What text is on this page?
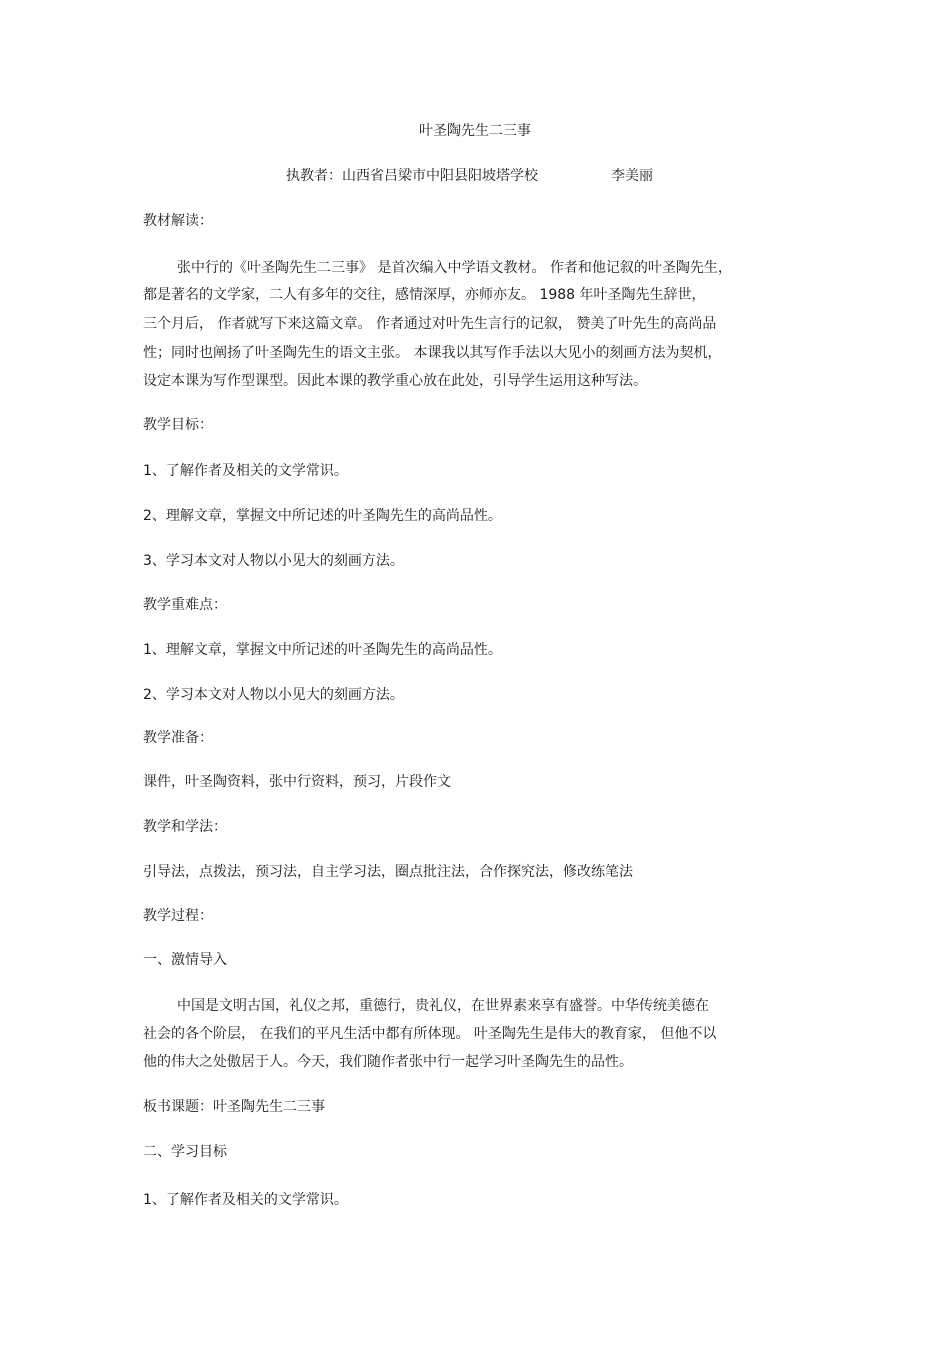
叶圣陶先生二三事
执教者：山西省吕梁市中阳县阳坡塔学校	李美丽
教材解读：
张中行的《叶圣陶先生二三事》 是首次编入中学语文教材。 作者和他记叙的叶圣陶先生，
都是著名的文学家，二人有多年的交往，感情深厚，亦师亦友。 1988 年叶圣陶先生辞世，
三个月后， 作者就写下来这篇文章。 作者通过对叶先生言行的记叙， 赞美了叶先生的高尚品
性；同时也阐扬了叶圣陶先生的语文主张。 本课我以其写作手法以大见小的刻画方法为契机，
设定本课为写作型课型。因此本课的教学重心放在此处，引导学生运用这种写法。
教学目标：
1、了解作者及相关的文学常识。
2、理解文章，掌握文中所记述的叶圣陶先生的高尚品性。
3、学习本文对人物以小见大的刻画方法。
教学重难点：
1、理解文章，掌握文中所记述的叶圣陶先生的高尚品性。
2、学习本文对人物以小见大的刻画方法。
教学准备：
课件，叶圣陶资料，张中行资料，预习，片段作文
教学和学法：
引导法，点拨法，预习法，自主学习法，圈点批注法，合作探究法，修改练笔法
教学过程：
一、激情导入
中国是文明古国，礼仪之邦，重德行，贵礼仪，在世界素来享有盛誉。中华传统美德在
社会的各个阶层， 在我们的平凡生活中都有所体现。 叶圣陶先生是伟大的教育家， 但他不以
他的伟大之处傲居于人。今天，我们随作者张中行一起学习叶圣陶先生的品性。
板书课题：叶圣陶先生二三事
二、学习目标
1、了解作者及相关的文学常识。
